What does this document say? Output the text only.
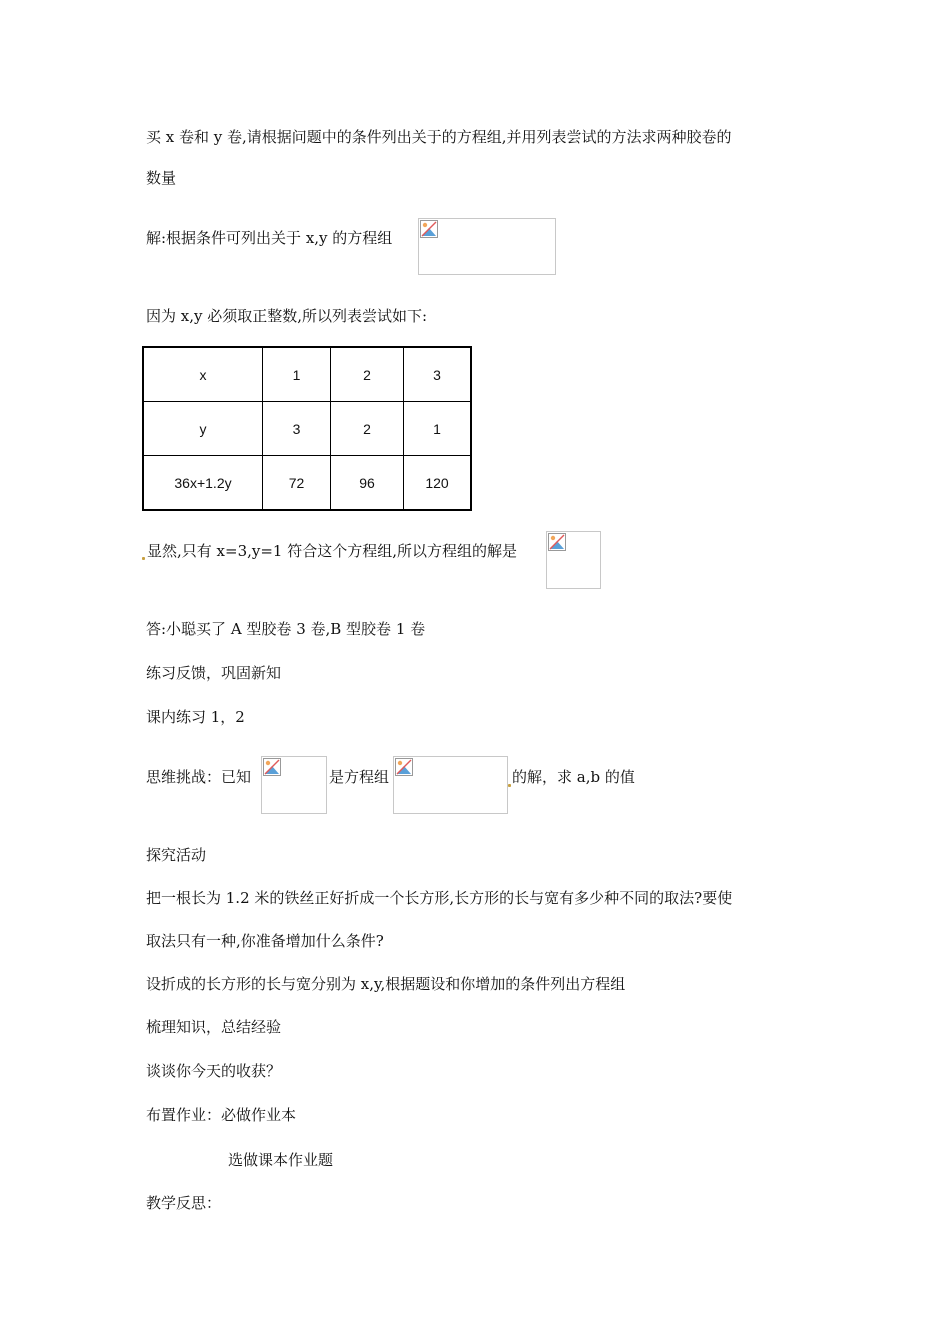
买 x 卷和 y 卷,请根据问题中的条件列出关于的方程组,并用列表尝试的方法求两种胶卷的
数量
解:根据条件可列出关于 x,y 的方程组
因为 x,y 必须取正整数,所以列表尝试如下:
x	1	2	3
y	3	2	1
36x+1.2y	72	96	120
显然,只有 x=3,y=1 符合这个方程组,所以方程组的解是
答:小聪买了 A 型胶卷 3 卷,B 型胶卷 1 卷
练习反馈，巩固新知
课内练习 1，2
思维挑战：已知	是方程组	的解，求 a,b 的值
探究活动
把一根长为 1.2 米的铁丝正好折成一个长方形,长方形的长与宽有多少种不同的取法?要使
取法只有一种,你准备增加什么条件?
设折成的长方形的长与宽分别为 x,y,根据题设和你增加的条件列出方程组
梳理知识，总结经验
谈谈你今天的收获？
布置作业：必做作业本
选做课本作业题
教学反思：
